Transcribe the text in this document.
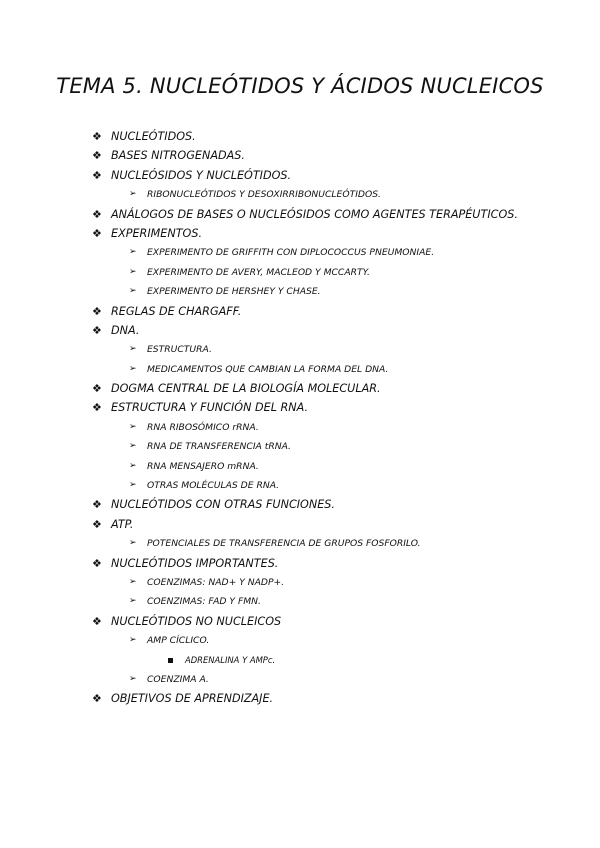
TEMA 5. NUCLEÓTIDOS Y ÁCIDOS NUCLEICOS
❖ NUCLEÓTIDOS.
❖ BASES NITROGENADAS.
❖ NUCLEÓSIDOS Y NUCLEÓTIDOS.
➢ RIBONUCLEÓTIDOS Y DESOXIRRIBONUCLEÓTIDOS.
❖ ANÁLOGOS DE BASES O NUCLEÓSIDOS COMO AGENTES TERAPÉUTICOS.
❖ EXPERIMENTOS.
➢ EXPERIMENTO DE GRIFFITH CON DIPLOCOCCUS PNEUMONIAE.
➢ EXPERIMENTO DE AVERY, MACLEOD Y MCCARTY.
➢ EXPERIMENTO DE HERSHEY Y CHASE.
❖ REGLAS DE CHARGAFF.
❖ DNA.
➢ ESTRUCTURA.
➢ MEDICAMENTOS QUE CAMBIAN LA FORMA DEL DNA.
❖ DOGMA CENTRAL DE LA BIOLOGÍA MOLECULAR.
❖ ESTRUCTURA Y FUNCIÓN DEL RNA.
➢ RNA RIBOSÓMICO rRNA.
➢ RNA DE TRANSFERENCIA tRNA.
➢ RNA MENSAJERO mRNA.
➢ OTRAS MOLÉCULAS DE RNA.
❖ NUCLEÓTIDOS CON OTRAS FUNCIONES.
❖ ATP.
➢ POTENCIALES DE TRANSFERENCIA DE GRUPOS FOSFORILO.
❖ NUCLEÓTIDOS IMPORTANTES.
➢ COENZIMAS: NAD+ Y NADP+.
➢ COENZIMAS: FAD Y FMN.
❖ NUCLEÓTIDOS NO NUCLEICOS
➢ AMP CÍCLICO.
ADRENALINA Y AMPc.
➢ COENZIMA A.
❖ OBJETIVOS DE APRENDIZAJE.
